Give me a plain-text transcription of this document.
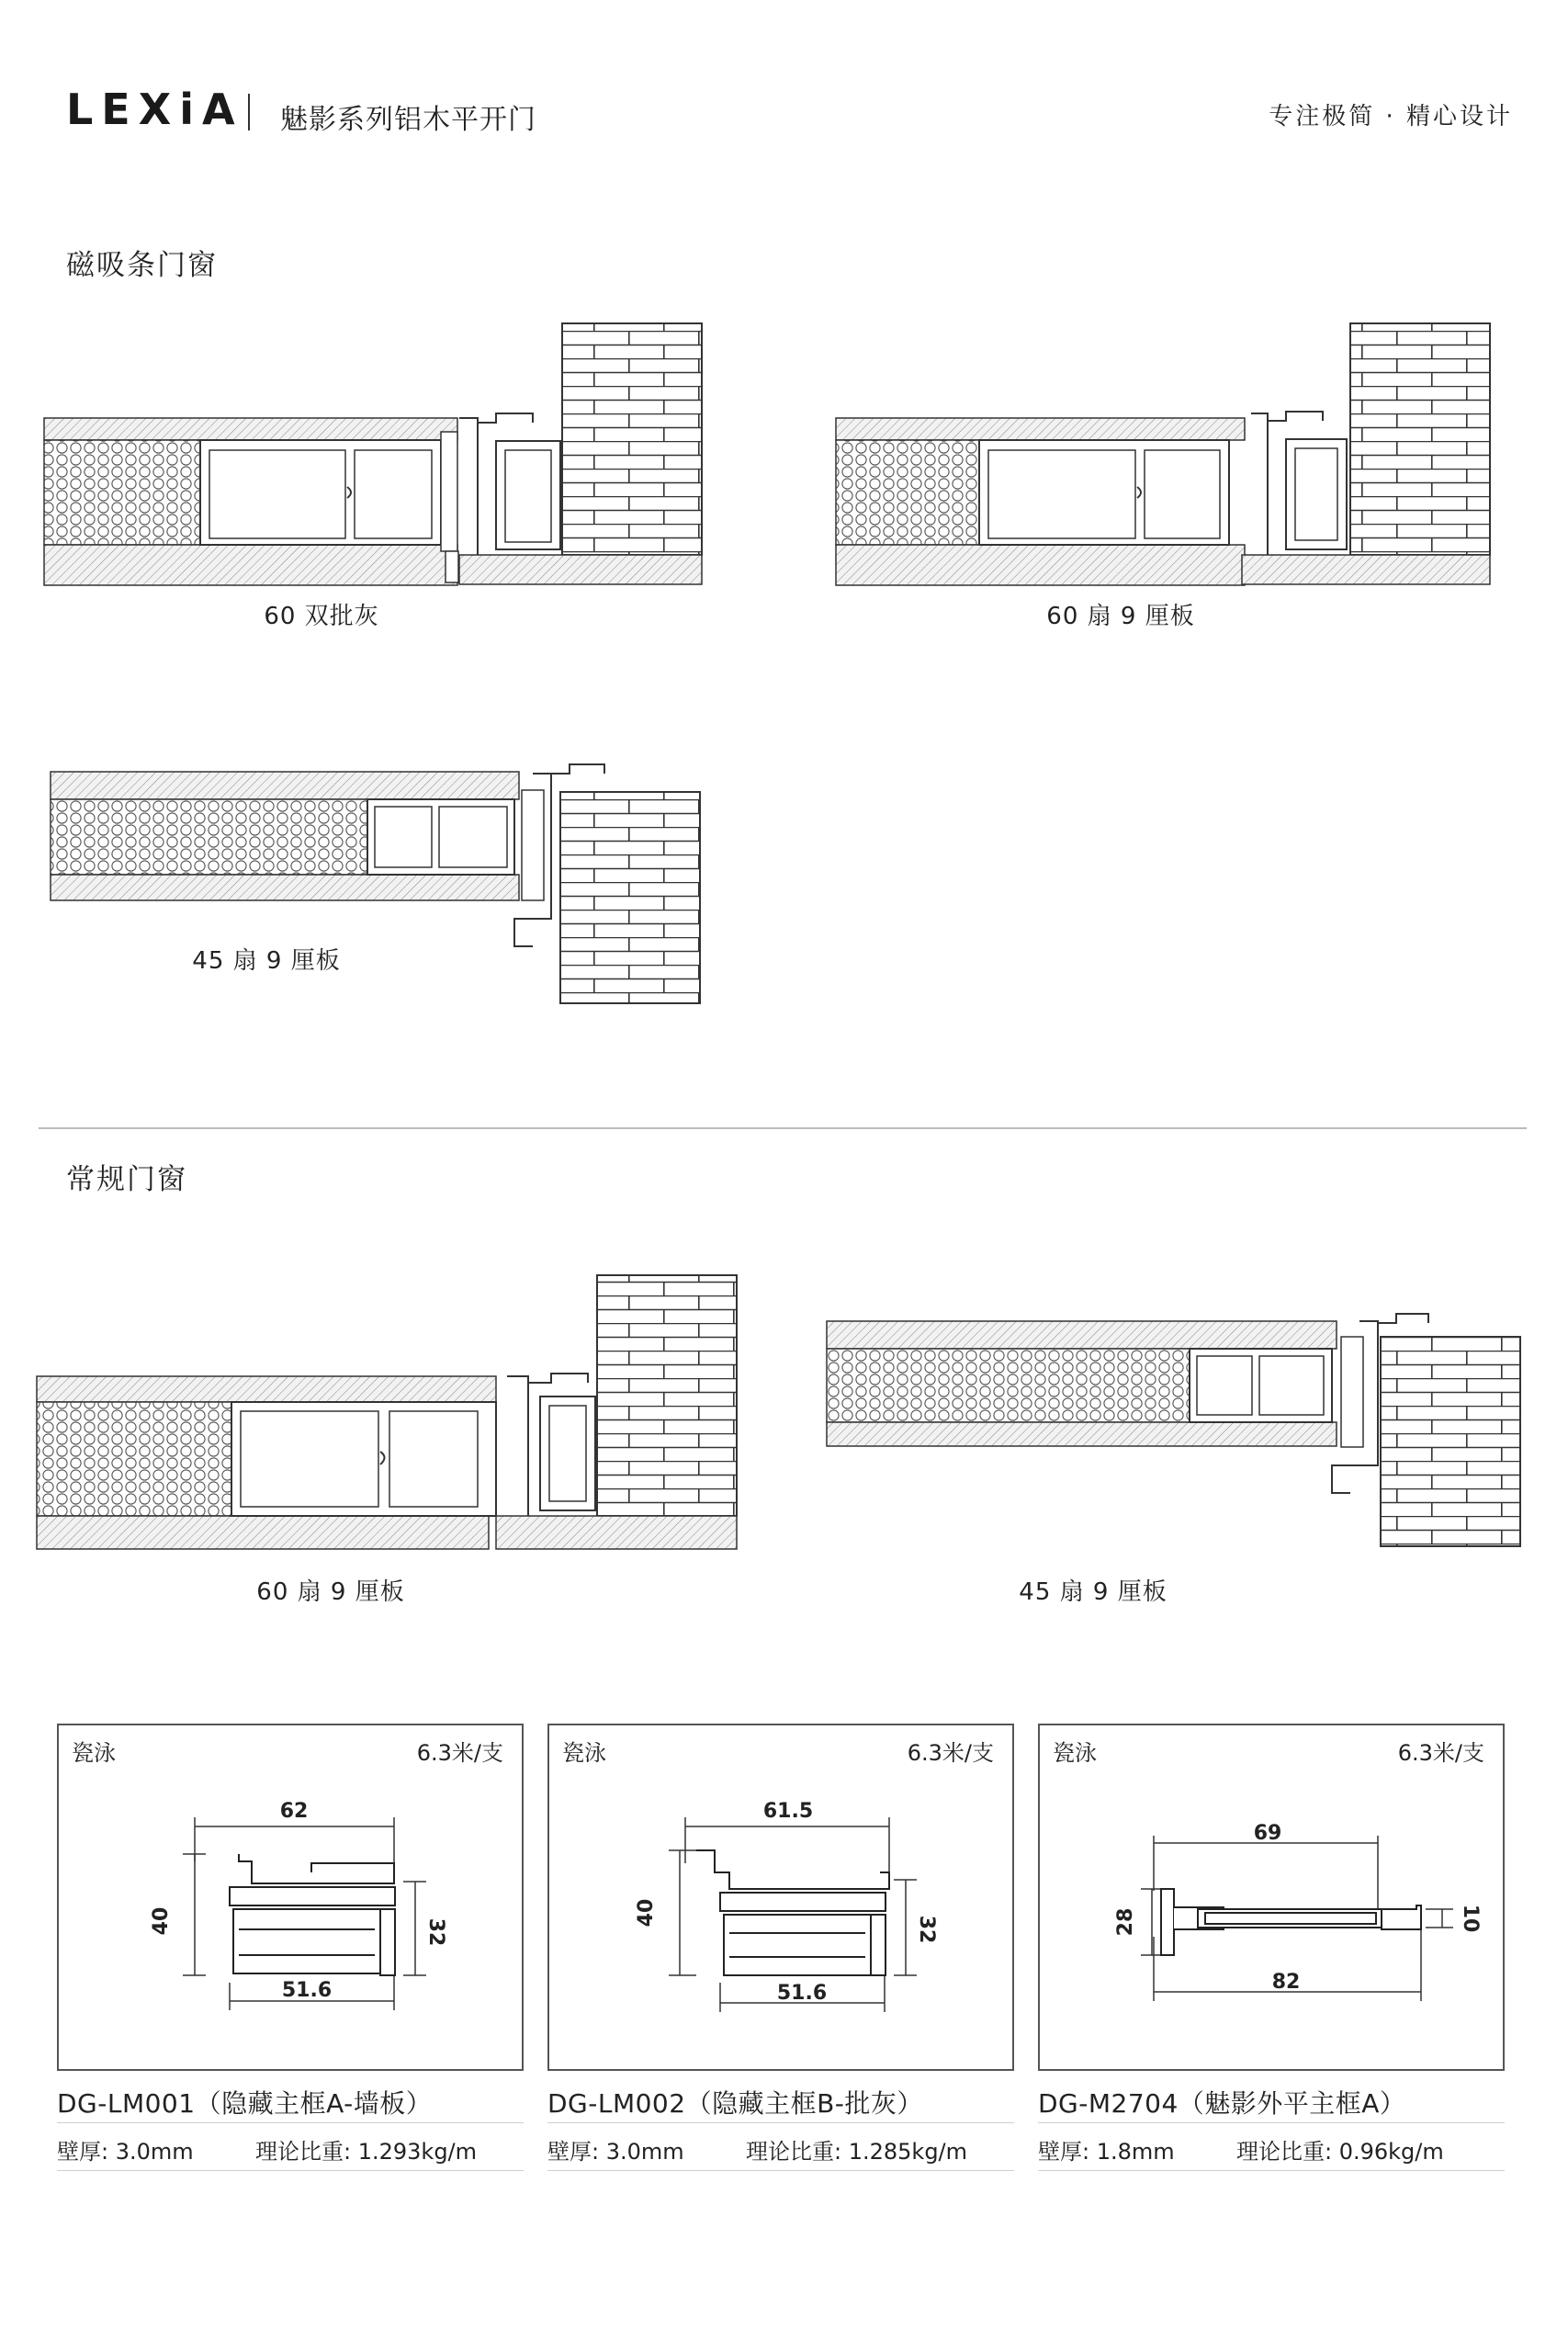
LEXiA 魅影系列铝木平开门	专注极简 · 精心设计
磁吸条门窗
60 双批灰	60 扇 9 厘板
45 扇 9 厘板
常规门窗
60 扇 9 厘板	45 扇 9 厘板
瓷泳	6.3米/支
62
51.6
40	32
DG-LM001（隐藏主框A-墙板）
壁厚: 3.0mm	理论比重: 1.293kg/m
瓷泳	6.3米/支
61.5
51.6
40
32
DG-LM002（隐藏主框B-批灰）
壁厚: 3.0mm	理论比重: 1.285kg/m
瓷泳	6.3米/支
69
82
28	10
DG-M2704（魅影外平主框A）
壁厚: 1.8mm	理论比重: 0.96kg/m
